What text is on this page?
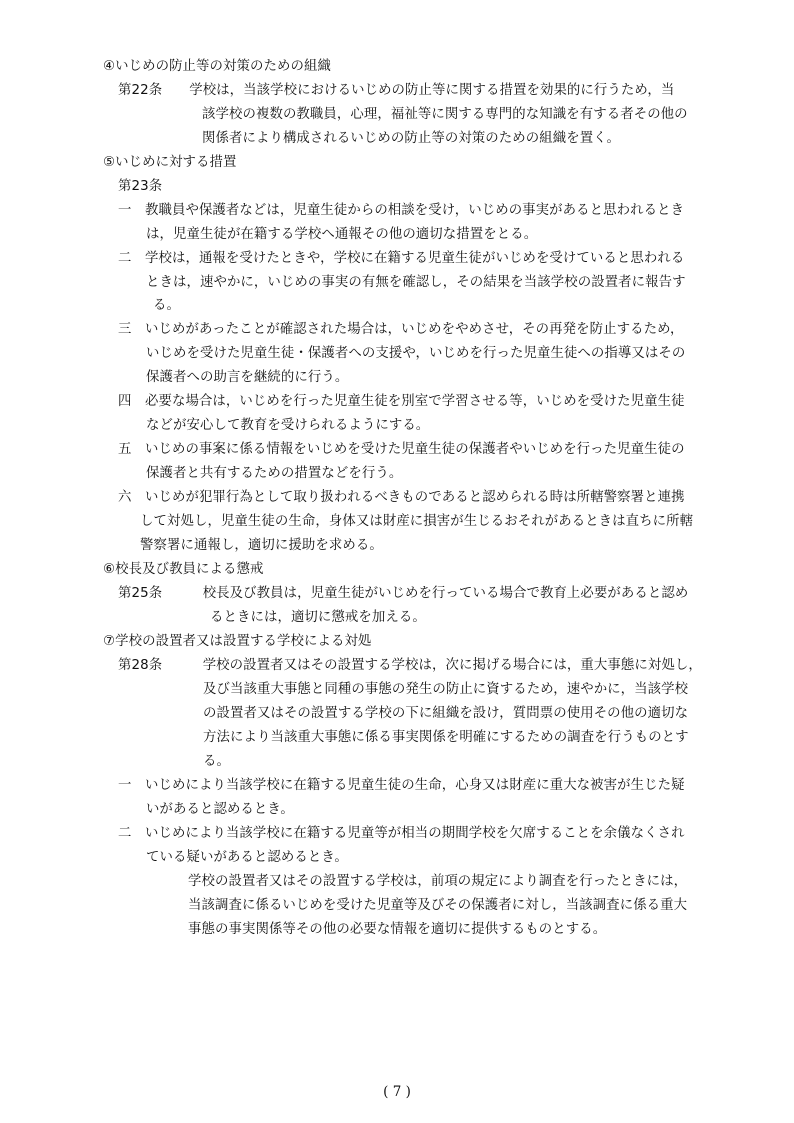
④いじめの防止等の対策のための組織
第22条　　学校は，当該学校におけるいじめの防止等に関する措置を効果的に行うため，当
該学校の複数の教職員，心理，福祉等に関する専門的な知識を有する者その他の
関係者により構成されるいじめの防止等の対策のための組織を置く。
⑤いじめに対する措置
第23条
一　教職員や保護者などは，児童生徒からの相談を受け，いじめの事実があると思われるとき
は，児童生徒が在籍する学校へ通報その他の適切な措置をとる。
二　学校は，通報を受けたときや，学校に在籍する児童生徒がいじめを受けていると思われる
ときは，速やかに，いじめの事実の有無を確認し，その結果を当該学校の設置者に報告す
る。
三　いじめがあったことが確認された場合は，いじめをやめさせ，その再発を防止するため，
いじめを受けた児童生徒・保護者への支援や，いじめを行った児童生徒への指導又はその
保護者への助言を継続的に行う。
四　必要な場合は，いじめを行った児童生徒を別室で学習させる等，いじめを受けた児童生徒
などが安心して教育を受けられるようにする。
五　いじめの事案に係る情報をいじめを受けた児童生徒の保護者やいじめを行った児童生徒の
保護者と共有するための措置などを行う。
六　いじめが犯罪行為として取り扱われるべきものであると認められる時は所轄警察署と連携
して対処し，児童生徒の生命，身体又は財産に損害が生じるおそれがあるときは直ちに所轄
警察署に通報し，適切に援助を求める。
⑥校長及び教員による懲戒
第25条　　　校長及び教員は，児童生徒がいじめを行っている場合で教育上必要があると認め
るときには，適切に懲戒を加える。
⑦学校の設置者又は設置する学校による対処
第28条　　　学校の設置者又はその設置する学校は，次に掲げる場合には，重大事態に対処し，
及び当該重大事態と同種の事態の発生の防止に資するため，速やかに，当該学校
の設置者又はその設置する学校の下に組織を設け，質問票の使用その他の適切な
方法により当該重大事態に係る事実関係を明確にするための調査を行うものとす
る。
一　いじめにより当該学校に在籍する児童生徒の生命，心身又は財産に重大な被害が生じた疑
いがあると認めるとき。
二　いじめにより当該学校に在籍する児童等が相当の期間学校を欠席することを余儀なくされ
ている疑いがあると認めるとき。
学校の設置者又はその設置する学校は，前項の規定により調査を行ったときには，
当該調査に係るいじめを受けた児童等及びその保護者に対し，当該調査に係る重大
事態の事実関係等その他の必要な情報を適切に提供するものとする。
( 7 )
